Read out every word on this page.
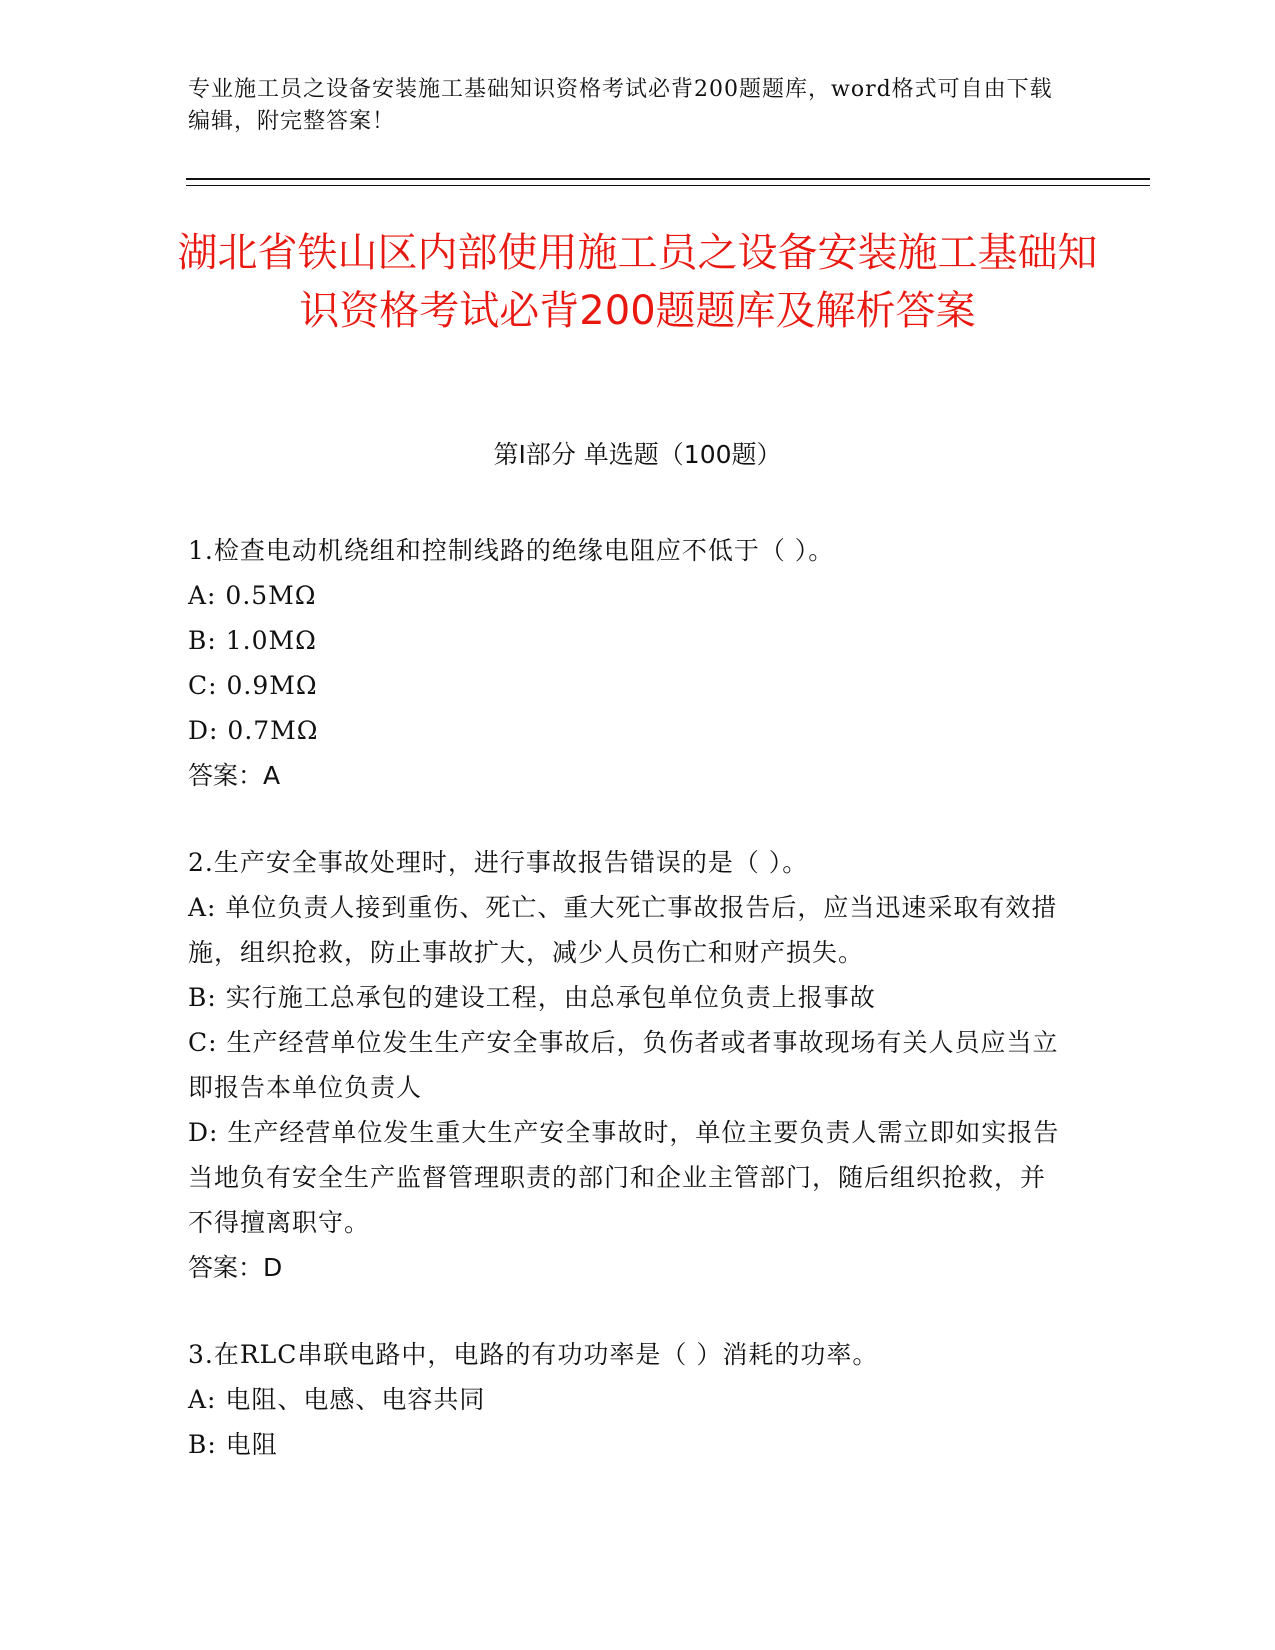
专业施工员之设备安装施工基础知识资格考试必背200题题库，word格式可自由下载编辑，附完整答案！
湖北省铁山区内部使用施工员之设备安装施工基础知识资格考试必背200题题库及解析答案
第Ⅰ部分 单选题（100题）

1.检查电动机绕组和控制线路的绝缘电阻应不低于（ ）。

A: 0.5MΩ

B: 1.0MΩ

C: 0.9MΩ

D: 0.7MΩ

答案：A

2.生产安全事故处理时，进行事故报告错误的是（ ）。

A: 单位负责人接到重伤、死亡、重大死亡事故报告后，应当迅速采取有效措施，组织抢救，防止事故扩大，减少人员伤亡和财产损失。

B: 实行施工总承包的建设工程，由总承包单位负责上报事故

C: 生产经营单位发生生产安全事故后，负伤者或者事故现场有关人员应当立即报告本单位负责人

D: 生产经营单位发生重大生产安全事故时，单位主要负责人需立即如实报告当地负有安全生产监督管理职责的部门和企业主管部门，随后组织抢救，并不得擅离职守。

答案：D

3.在RLC串联电路中，电路的有功功率是（ ）消耗的功率。

A: 电阻、电感、电容共同

B: 电阻
